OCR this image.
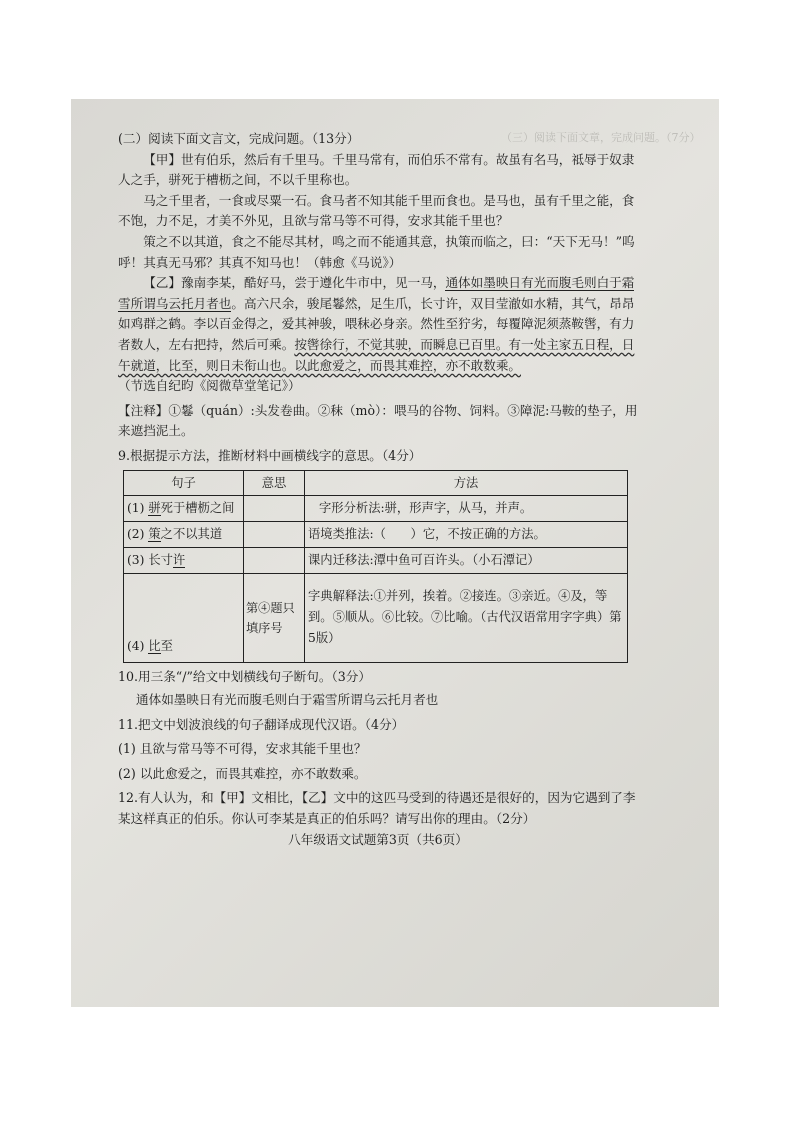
（三）阅读下面文章，完成问题。（7分）

(二）阅读下面文言文，完成问题。（13分）

【甲】世有伯乐，然后有千里马。千里马常有，而伯乐不常有。故虽有名马，祗辱于奴隶人之手，骈死于槽枥之间，不以千里称也。

马之千里者，一食或尽粟一石。食马者不知其能千里而食也。是马也，虽有千里之能，食不饱，力不足，才美不外见，且欲与常马等不可得，安求其能千里也？

策之不以其道，食之不能尽其材，鸣之而不能通其意，执策而临之，曰：“天下无马！”呜呼！其真无马邪？其真不知马也！（韩愈《马说》）

【乙】豫南李某，酷好马，尝于遵化牛市中，见一马，通体如墨映日有光而腹毛则白于霜雪所谓乌云托月者也。高六尺余，骏尾鬈然，足生爪，长寸许，双目莹澈如水精，其气，昂昂如鸡群之鹤。李以百金得之，爱其神骏，喂秣必身亲。然性至狞劣，每覆障泥须蒸鞍辔，有力者数人，左右把持，然后可乘。按辔徐行，不觉其驶，而瞬息已百里。有一处主家五日程，日午就道，比至，则日未衔山也。以此愈爱之，而畏其难控，亦不敢数乘。

（节选自纪昀《阅微草堂笔记》）

【注释】①鬈（quán）:头发卷曲。②秣（mò）：喂马的谷物、饲料。③障泥:马鞍的垫子，用来遮挡泥土。

9.根据提示方法，推断材料中画横线字的意思。（4分）

句子	意思	方法
(1) 骈死于槽枥之间		字形分析法:骈，形声字，从马，并声。
(2) 策之不以其道		语境类推法:（　　）它，不按正确的方法。
(3) 长寸许		课内迁移法:潭中鱼可百许头。（小石潭记）
(4) 比至	第④题只填序号	字典解释法:①并列，挨着。②接连。③亲近。④及，等到。⑤顺从。⑥比较。⑦比喻。（古代汉语常用字字典）第5版）

10.用三条“/”给文中划横线句子断句。（3分）

通体如墨映日有光而腹毛则白于霜雪所谓乌云托月者也

11.把文中划波浪线的句子翻译成现代汉语。（4分）

(1) 且欲与常马等不可得，安求其能千里也？

(2) 以此愈爱之，而畏其难控，亦不敢数乘。

12.有人认为，和【甲】文相比，【乙】文中的这匹马受到的待遇还是很好的，因为它遇到了李某这样真正的伯乐。你认可李某是真正的伯乐吗？请写出你的理由。（2分）

八年级语文试题第3页（共6页）
